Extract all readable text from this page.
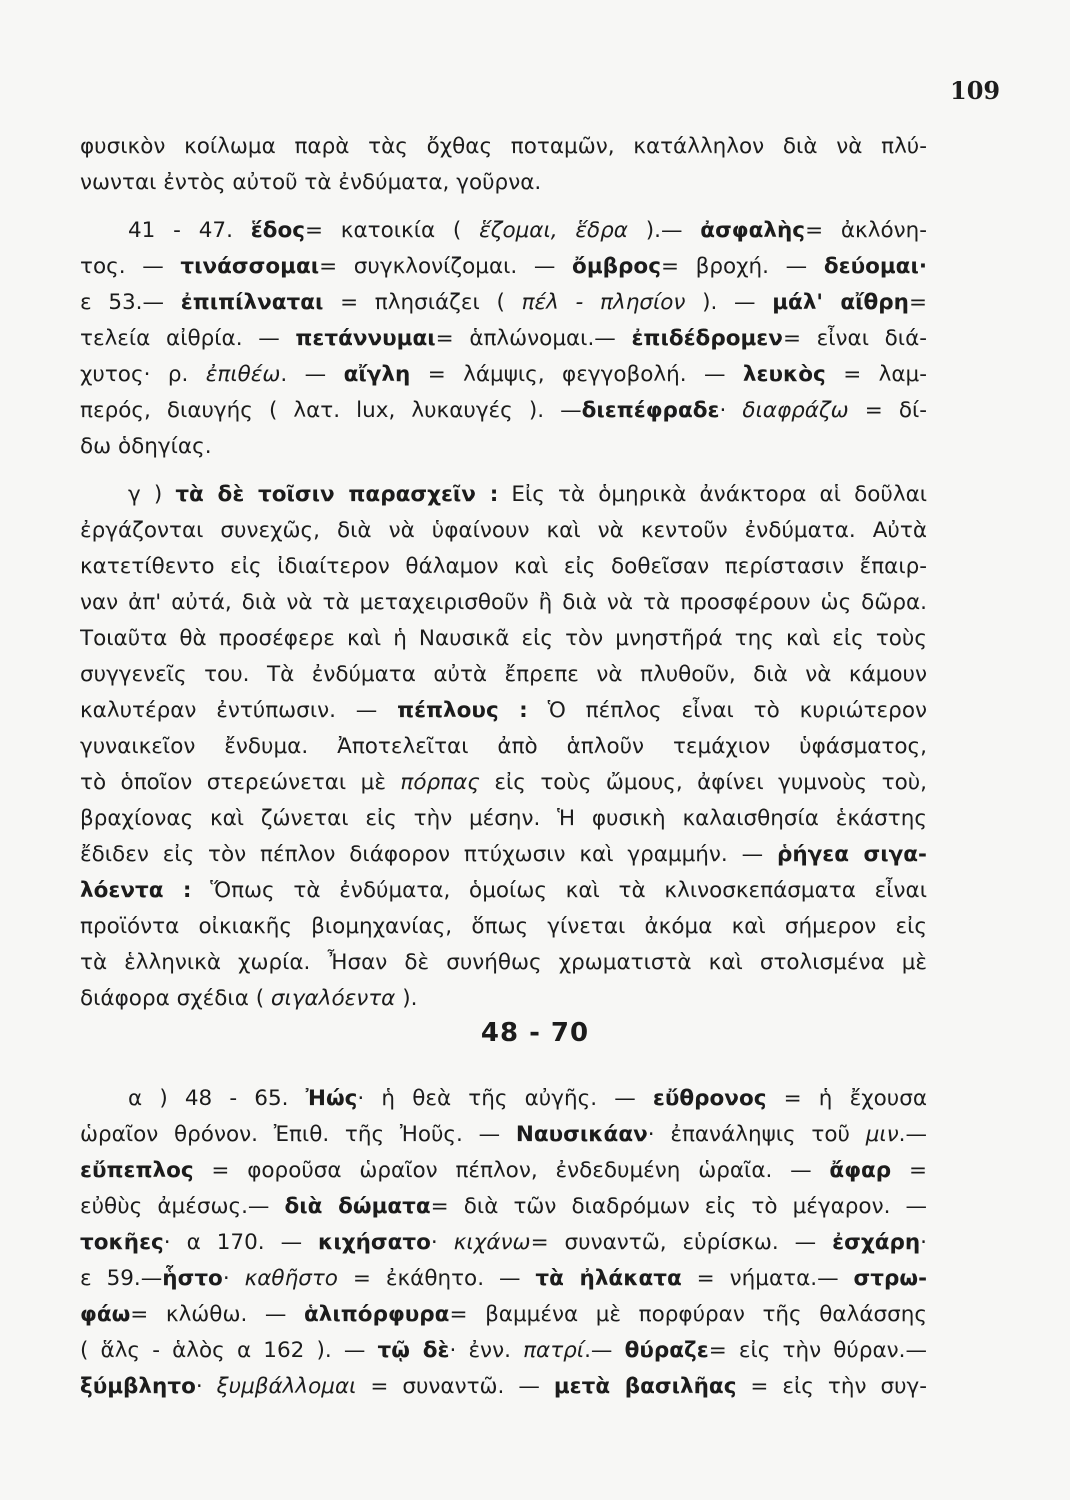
109
φυσικὸν κοίλωμα παρὰ τὰς ὄχθας ποταμῶν, κατάλληλον διὰ νὰ πλύ-
νωνται ἐντὸς αὐτοῦ τὰ ἐνδύματα, γοῦρνα.
41 - 47. ἕδος= κατοικία ( ἕζομαι, ἕδρα ).— ἀσφαλὴς= ἀκλόνη-
τος. — τινάσσομαι= συγκλονίζομαι. — ὄμβρος= βροχή. — δεύομαι·
ε 53.— ἐπιπίλναται = πλησιάζει ( πέλ - πλησίον ). — μάλ' αἴθρη=
τελεία αἰθρία. — πετάννυμαι= ἁπλώνομαι.— ἐπιδέδρομεν= εἶναι διά-
χυτος· ρ. ἐπιθέω. — αἴγλη = λάμψις, φεγγοβολή. — λευκὸς = λαμ-
περός, διαυγής ( λατ. lux, λυκαυγές ). —διεπέφραδε· διαφράζω = δί-
δω ὁδηγίας.
γ ) τὰ δὲ τοῖσιν παρασχεῖν : Εἰς τὰ ὁμηρικὰ ἀνάκτορα αἱ δοῦλαι
ἐργάζονται συνεχῶς, διὰ νὰ ὑφαίνουν καὶ νὰ κεντοῦν ἐνδύματα. Αὐτὰ
κατετίθεντο εἰς ἰδιαίτερον θάλαμον καὶ εἰς δοθεῖσαν περίστασιν ἔπαιρ-
ναν ἀπ' αὐτά, διὰ νὰ τὰ μεταχειρισθοῦν ἢ διὰ νὰ τὰ προσφέρουν ὡς δῶρα.
Τοιαῦτα θὰ προσέφερε καὶ ἡ Ναυσικᾶ εἰς τὸν μνηστῆρά της καὶ εἰς τοὺς
συγγενεῖς του. Τὰ ἐνδύματα αὐτὰ ἔπρεπε νὰ πλυθοῦν, διὰ νὰ κάμουν
καλυτέραν ἐντύπωσιν. — πέπλους : Ὁ πέπλος εἶναι τὸ κυριώτερον
γυναικεῖον ἔνδυμα. Ἀποτελεῖται ἀπὸ ἁπλοῦν τεμάχιον ὑφάσματος,
τὸ ὁποῖον στερεώνεται μὲ πόρπας εἰς τοὺς ὤμους, ἀφίνει γυμνοὺς τοὺ,
βραχίονας καὶ ζώνεται εἰς τὴν μέσην. Ἡ φυσικὴ καλαισθησία ἑκάστης
ἔδιδεν εἰς τὸν πέπλον διάφορον πτύχωσιν καὶ γραμμήν. — ῥήγεα σιγα-
λόεντα : Ὅπως τὰ ἐνδύματα, ὁμοίως καὶ τὰ κλινοσκεπάσματα εἶναι
προϊόντα οἰκιακῆς βιομηχανίας, ὅπως γίνεται ἀκόμα καὶ σήμερον εἰς
τὰ ἑλληνικὰ χωρία. Ἦσαν δὲ συνήθως χρωματιστὰ καὶ στολισμένα μὲ
διάφορα σχέδια ( σιγαλόεντα ).
48 - 70
α ) 48 - 65. Ἠώς· ἡ θεὰ τῆς αὐγῆς. — εὔθρονος = ἡ ἔχουσα
ὡραῖον θρόνον. Ἐπιθ. τῆς Ἠοῦς. — Ναυσικάαν· ἐπανάληψις τοῦ μιν.—
εὔπεπλος = φοροῦσα ὡραῖον πέπλον, ἐνδεδυμένη ὡραῖα. — ἄφαρ =
εὐθὺς ἀμέσως.— διὰ δώματα= διὰ τῶν διαδρόμων εἰς τὸ μέγαρον. —
τοκῆες· α 170. — κιχήσατο· κιχάνω= συναντῶ, εὑρίσκω. — ἐσχάρη·
ε 59.—ἧστο· καθῆστο = ἐκάθητο. — τὰ ἠλάκατα = νήματα.— στρω-
φάω= κλώθω. — ἁλιπόρφυρα= βαμμένα μὲ πορφύραν τῆς θαλάσσης
( ἅλς - ἁλὸς α 162 ). — τῷ δὲ· ἐνν. πατρί.— θύραζε= εἰς τὴν θύραν.—
ξύμβλητο· ξυμβάλλομαι = συναντῶ. — μετὰ βασιλῆας = εἰς τὴν συγ-
